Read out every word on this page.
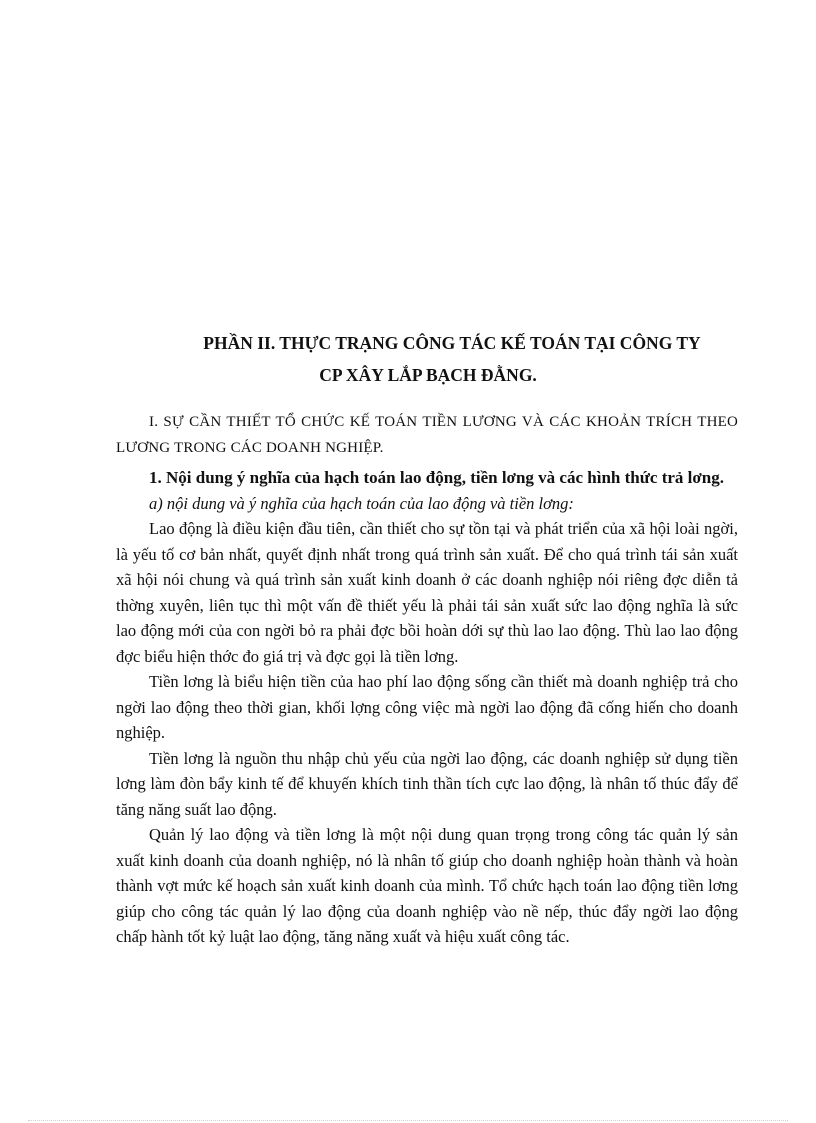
PHẦN II. THỰC TRẠNG CÔNG TÁC KẾ TOÁN TẠI CÔNG TY
CP XÂY LẮP BẠCH ĐẰNG.

I. SỰ CẦN THIẾT TỔ CHỨC KẾ TOÁN TIỀN LƯƠNG VÀ CÁC KHOẢN TRÍCH THEO LƯƠNG TRONG CÁC DOANH NGHIỆP.

1. Nội dung ý nghĩa của hạch toán lao động, tiền lơng và các hình thức trả lơng.

a) nội dung và ý nghĩa của hạch toán của lao động và tiền lơng:

Lao động là điều kiện đầu tiên, cần thiết cho sự tồn tại và phát triển của xã hội loài ngời, là yếu tố cơ bản nhất, quyết định nhất trong quá trình sản xuất. Để cho quá trình tái sản xuất xã hội nói chung và quá trình sản xuất kinh doanh ở các doanh nghiệp nói riêng đợc diễn tả thờng xuyên, liên tục thì một vấn đề thiết yếu là phải tái sản xuất sức lao động nghĩa là sức lao động mới của con ngời bỏ ra phải đợc bồi hoàn dới sự thù lao lao động. Thù lao lao động đợc biểu hiện thớc đo giá trị và đợc gọi là tiền lơng.

Tiền lơng là biểu hiện tiền của hao phí lao động sống cần thiết mà doanh nghiệp trả cho ngời lao động theo thời gian, khối lợng công việc mà ngời lao động đã cống hiến cho doanh nghiệp.

Tiền lơng là nguồn thu nhập chủ yếu của ngời lao động, các doanh nghiệp sử dụng tiền lơng làm đòn bẩy kinh tế để khuyến khích tinh thần tích cực lao động, là nhân tố thúc đẩy để tăng năng suất lao động.

Quản lý lao động và tiền lơng là một nội dung quan trọng trong công tác quản lý sản xuất kinh doanh của doanh nghiệp, nó là nhân tố giúp cho doanh nghiệp hoàn thành và hoàn thành vợt mức kế hoạch sản xuất kinh doanh của mình. Tổ chức hạch toán lao động tiền lơng giúp cho công tác quản lý lao động của doanh nghiệp vào nề nếp, thúc đẩy ngời lao động chấp hành tốt kỷ luật lao động, tăng năng xuất và hiệu xuất công tác.
